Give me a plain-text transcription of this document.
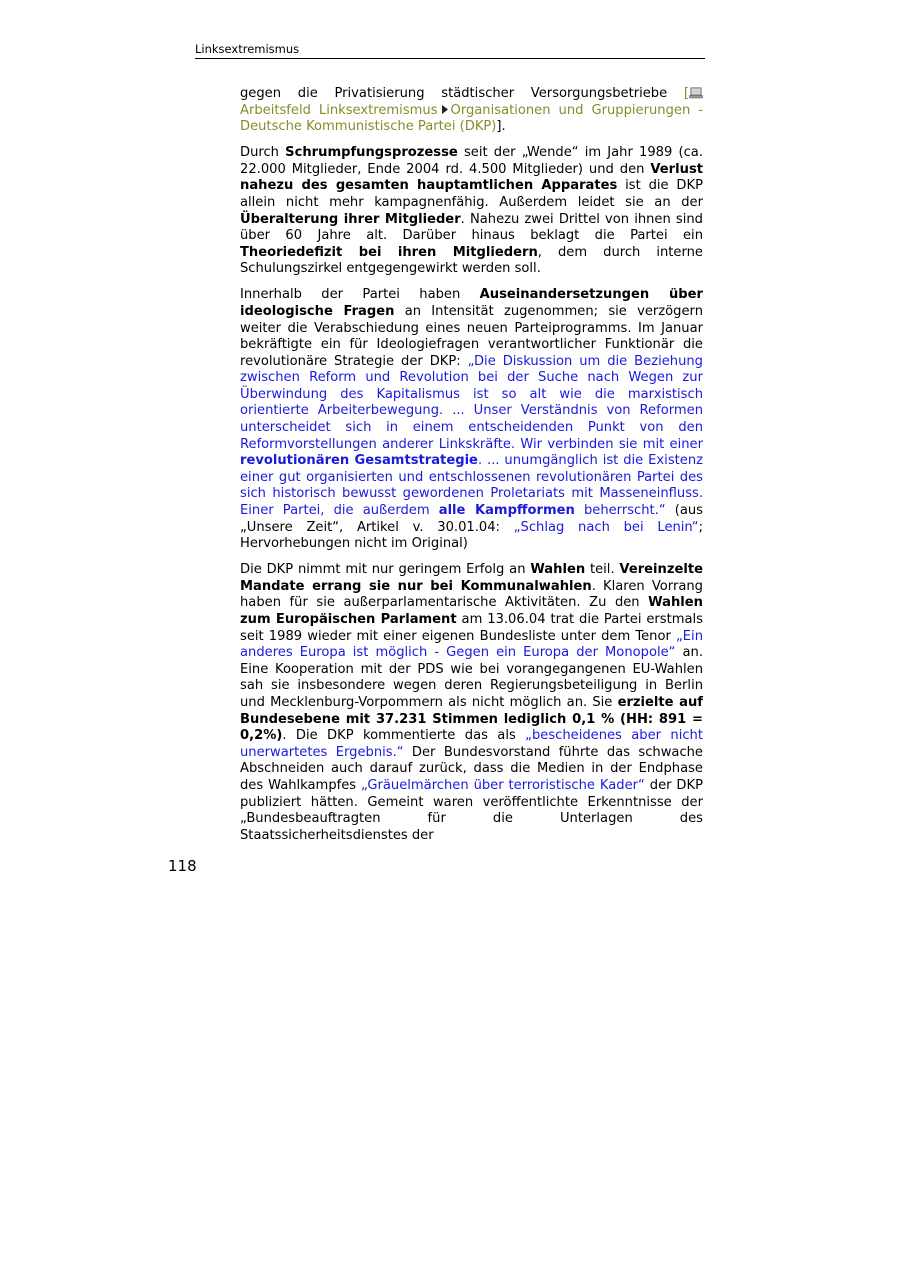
Linksextremismus

gegen die Privatisierung städtischer Versorgungsbetriebe [ Arbeitsfeld Linksextremismus Organisationen und Gruppierungen - Deutsche Kommunistische Partei (DKP)].

Durch Schrumpfungsprozesse seit der „Wende“ im Jahr 1989 (ca. 22.000 Mitglieder, Ende 2004 rd. 4.500 Mitglieder) und den Verlust nahezu des gesamten hauptamtlichen Apparates ist die DKP allein nicht mehr kampagnenfähig. Außerdem leidet sie an der Überalterung ihrer Mitglieder. Nahezu zwei Drittel von ihnen sind über 60 Jahre alt. Darüber hinaus beklagt die Partei ein Theoriedefizit bei ihren Mitgliedern, dem durch interne Schulungszirkel entgegengewirkt werden soll.

Innerhalb der Partei haben Auseinandersetzungen über ideologische Fragen an Intensität zugenommen; sie verzögern weiter die Verabschiedung eines neuen Parteiprogramms. Im Januar bekräftigte ein für Ideologiefragen verantwortlicher Funktionär die revolutionäre Strategie der DKP: „Die Diskussion um die Beziehung zwischen Reform und Revolution bei der Suche nach Wegen zur Überwindung des Kapitalismus ist so alt wie die marxistisch orientierte Arbeiterbewegung. ... Unser Verständnis von Reformen unterscheidet sich in einem entscheidenden Punkt von den Reformvorstellungen anderer Linkskräfte. Wir verbinden sie mit einer revolutionären Gesamtstrategie. ... unumgänglich ist die Existenz einer gut organisierten und entschlossenen revolutionären Partei des sich historisch bewusst gewordenen Proletariats mit Masseneinfluss. Einer Partei, die außerdem alle Kampfformen beherrscht.“ (aus „Unsere Zeit“, Artikel v. 30.01.04: „Schlag nach bei Lenin“; Hervorhebungen nicht im Original)

Die DKP nimmt mit nur geringem Erfolg an Wahlen teil. Vereinzelte Mandate errang sie nur bei Kommunalwahlen. Klaren Vorrang haben für sie außerparlamentarische Aktivitäten. Zu den Wahlen zum Europäischen Parlament am 13.06.04 trat die Partei erstmals seit 1989 wieder mit einer eigenen Bundesliste unter dem Tenor „Ein anderes Europa ist möglich - Gegen ein Europa der Monopole“ an. Eine Kooperation mit der PDS wie bei vorangegangenen EU-Wahlen sah sie insbesondere wegen deren Regierungsbeteiligung in Berlin und Mecklenburg-Vorpommern als nicht möglich an. Sie erzielte auf Bundesebene mit 37.231 Stimmen lediglich 0,1 % (HH: 891 = 0,2%). Die DKP kommentierte das als „bescheidenes aber nicht unerwartetes Ergebnis.“ Der Bundesvorstand führte das schwache Abschneiden auch darauf zurück, dass die Medien in der Endphase des Wahlkampfes „Gräuelmärchen über terroristische Kader“ der DKP publiziert hätten. Gemeint waren veröffentlichte Erkenntnisse der „Bundesbeauftragten für die Unterlagen des Staatssicherheitsdienstes der

118
